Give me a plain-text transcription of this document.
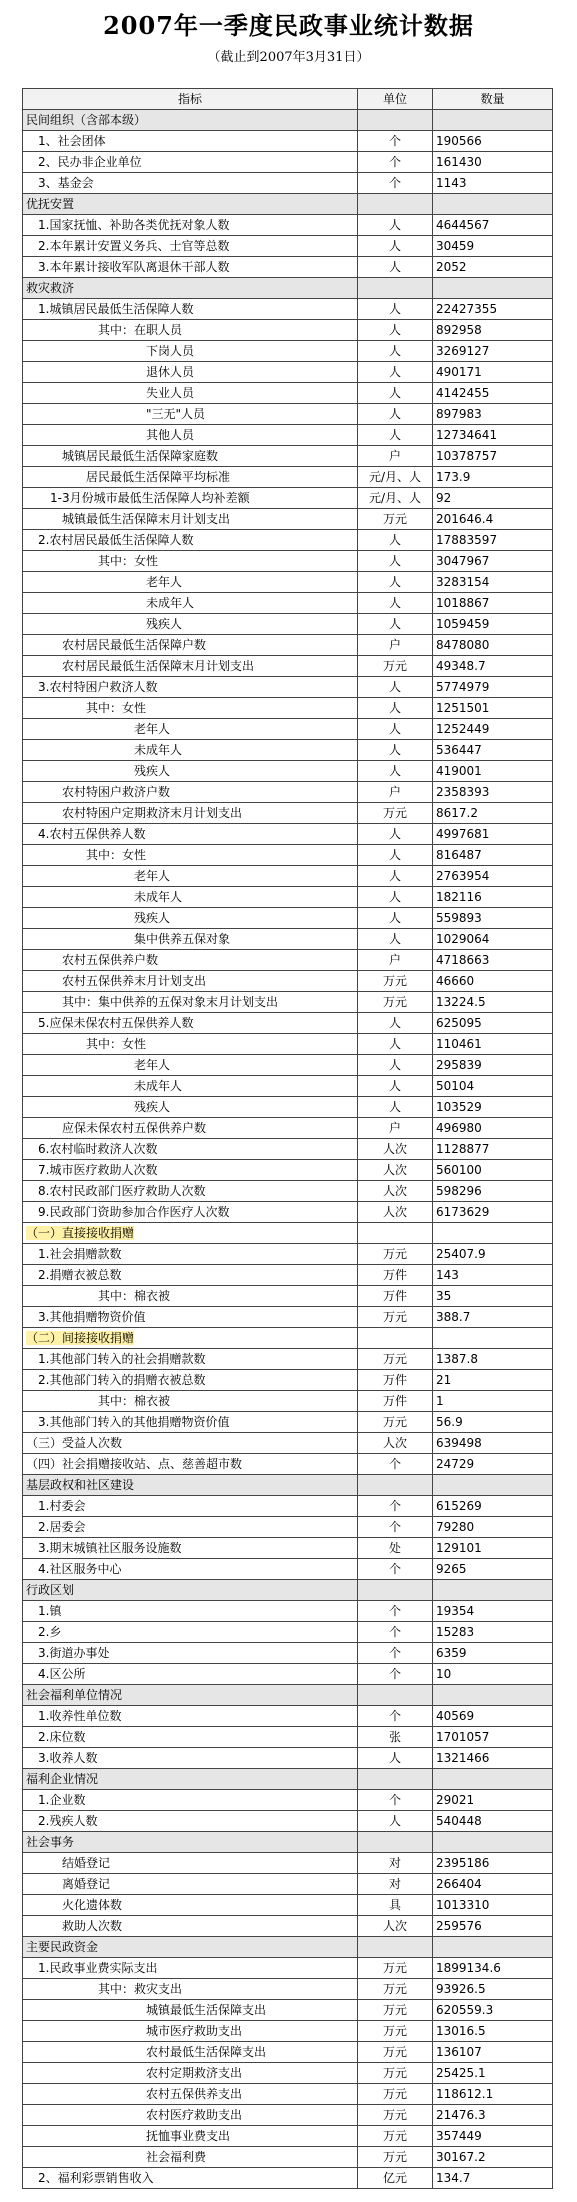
2007年一季度民政事业统计数据
（截止到2007年3月31日）
指标	单位	数量
民间组织（含部本级）		
1、社会团体	个	190566
2、民办非企业单位	个	161430
3、基金会	个	1143
优抚安置		
1.国家抚恤、补助各类优抚对象人数	人	4644567
2.本年累计安置义务兵、士官等总数	人	30459
3.本年累计接收军队离退休干部人数	人	2052
救灾救济		
1.城镇居民最低生活保障人数	人	22427355
其中：在职人员	人	892958
下岗人员	人	3269127
退休人员	人	490171
失业人员	人	4142455
"三无"人员	人	897983
其他人员	人	12734641
城镇居民最低生活保障家庭数	户	10378757
居民最低生活保障平均标准	元/月、人	173.9
1-3月份城市最低生活保障人均补差额	元/月、人	92
城镇最低生活保障末月计划支出	万元	201646.4
2.农村居民最低生活保障人数	人	17883597
其中：女性	人	3047967
老年人	人	3283154
未成年人	人	1018867
残疾人	人	1059459
农村居民最低生活保障户数	户	8478080
农村居民最低生活保障末月计划支出	万元	49348.7
3.农村特困户救济人数	人	5774979
其中：女性	人	1251501
老年人	人	1252449
未成年人	人	536447
残疾人	人	419001
农村特困户救济户数	户	2358393
农村特困户定期救济末月计划支出	万元	8617.2
4.农村五保供养人数	人	4997681
其中：女性	人	816487
老年人	人	2763954
未成年人	人	182116
残疾人	人	559893
集中供养五保对象	人	1029064
农村五保供养户数	户	4718663
农村五保供养末月计划支出	万元	46660
其中：集中供养的五保对象末月计划支出	万元	13224.5
5.应保未保农村五保供养人数	人	625095
其中：女性	人	110461
老年人	人	295839
未成年人	人	50104
残疾人	人	103529
应保未保农村五保供养户数	户	496980
6.农村临时救济人次数	人次	1128877
7.城市医疗救助人次数	人次	560100
8.农村民政部门医疗救助人次数	人次	598296
9.民政部门资助参加合作医疗人次数	人次	6173629
（一）直接接收捐赠		
1.社会捐赠款数	万元	25407.9
2.捐赠衣被总数	万件	143
其中：棉衣被	万件	35
3.其他捐赠物资价值	万元	388.7
（二）间接接收捐赠		
1.其他部门转入的社会捐赠款数	万元	1387.8
2.其他部门转入的捐赠衣被总数	万件	21
其中：棉衣被	万件	1
3.其他部门转入的其他捐赠物资价值	万元	56.9
（三）受益人次数	人次	639498
（四）社会捐赠接收站、点、慈善超市数	个	24729
基层政权和社区建设		
1.村委会	个	615269
2.居委会	个	79280
3.期末城镇社区服务设施数	处	129101
4.社区服务中心	个	9265
行政区划		
1.镇	个	19354
2.乡	个	15283
3.街道办事处	个	6359
4.区公所	个	10
社会福利单位情况		
1.收养性单位数	个	40569
2.床位数	张	1701057
3.收养人数	人	1321466
福利企业情况		
1.企业数	个	29021
2.残疾人数	人	540448
社会事务		
结婚登记	对	2395186
离婚登记	对	266404
火化遗体数	具	1013310
救助人次数	人次	259576
主要民政资金		
1.民政事业费实际支出	万元	1899134.6
其中：救灾支出	万元	93926.5
城镇最低生活保障支出	万元	620559.3
城市医疗救助支出	万元	13016.5
农村最低生活保障支出	万元	136107
农村定期救济支出	万元	25425.1
农村五保供养支出	万元	118612.1
农村医疗救助支出	万元	21476.3
抚恤事业费支出	万元	357449
社会福利费	万元	30167.2
2、福利彩票销售收入	亿元	134.7
